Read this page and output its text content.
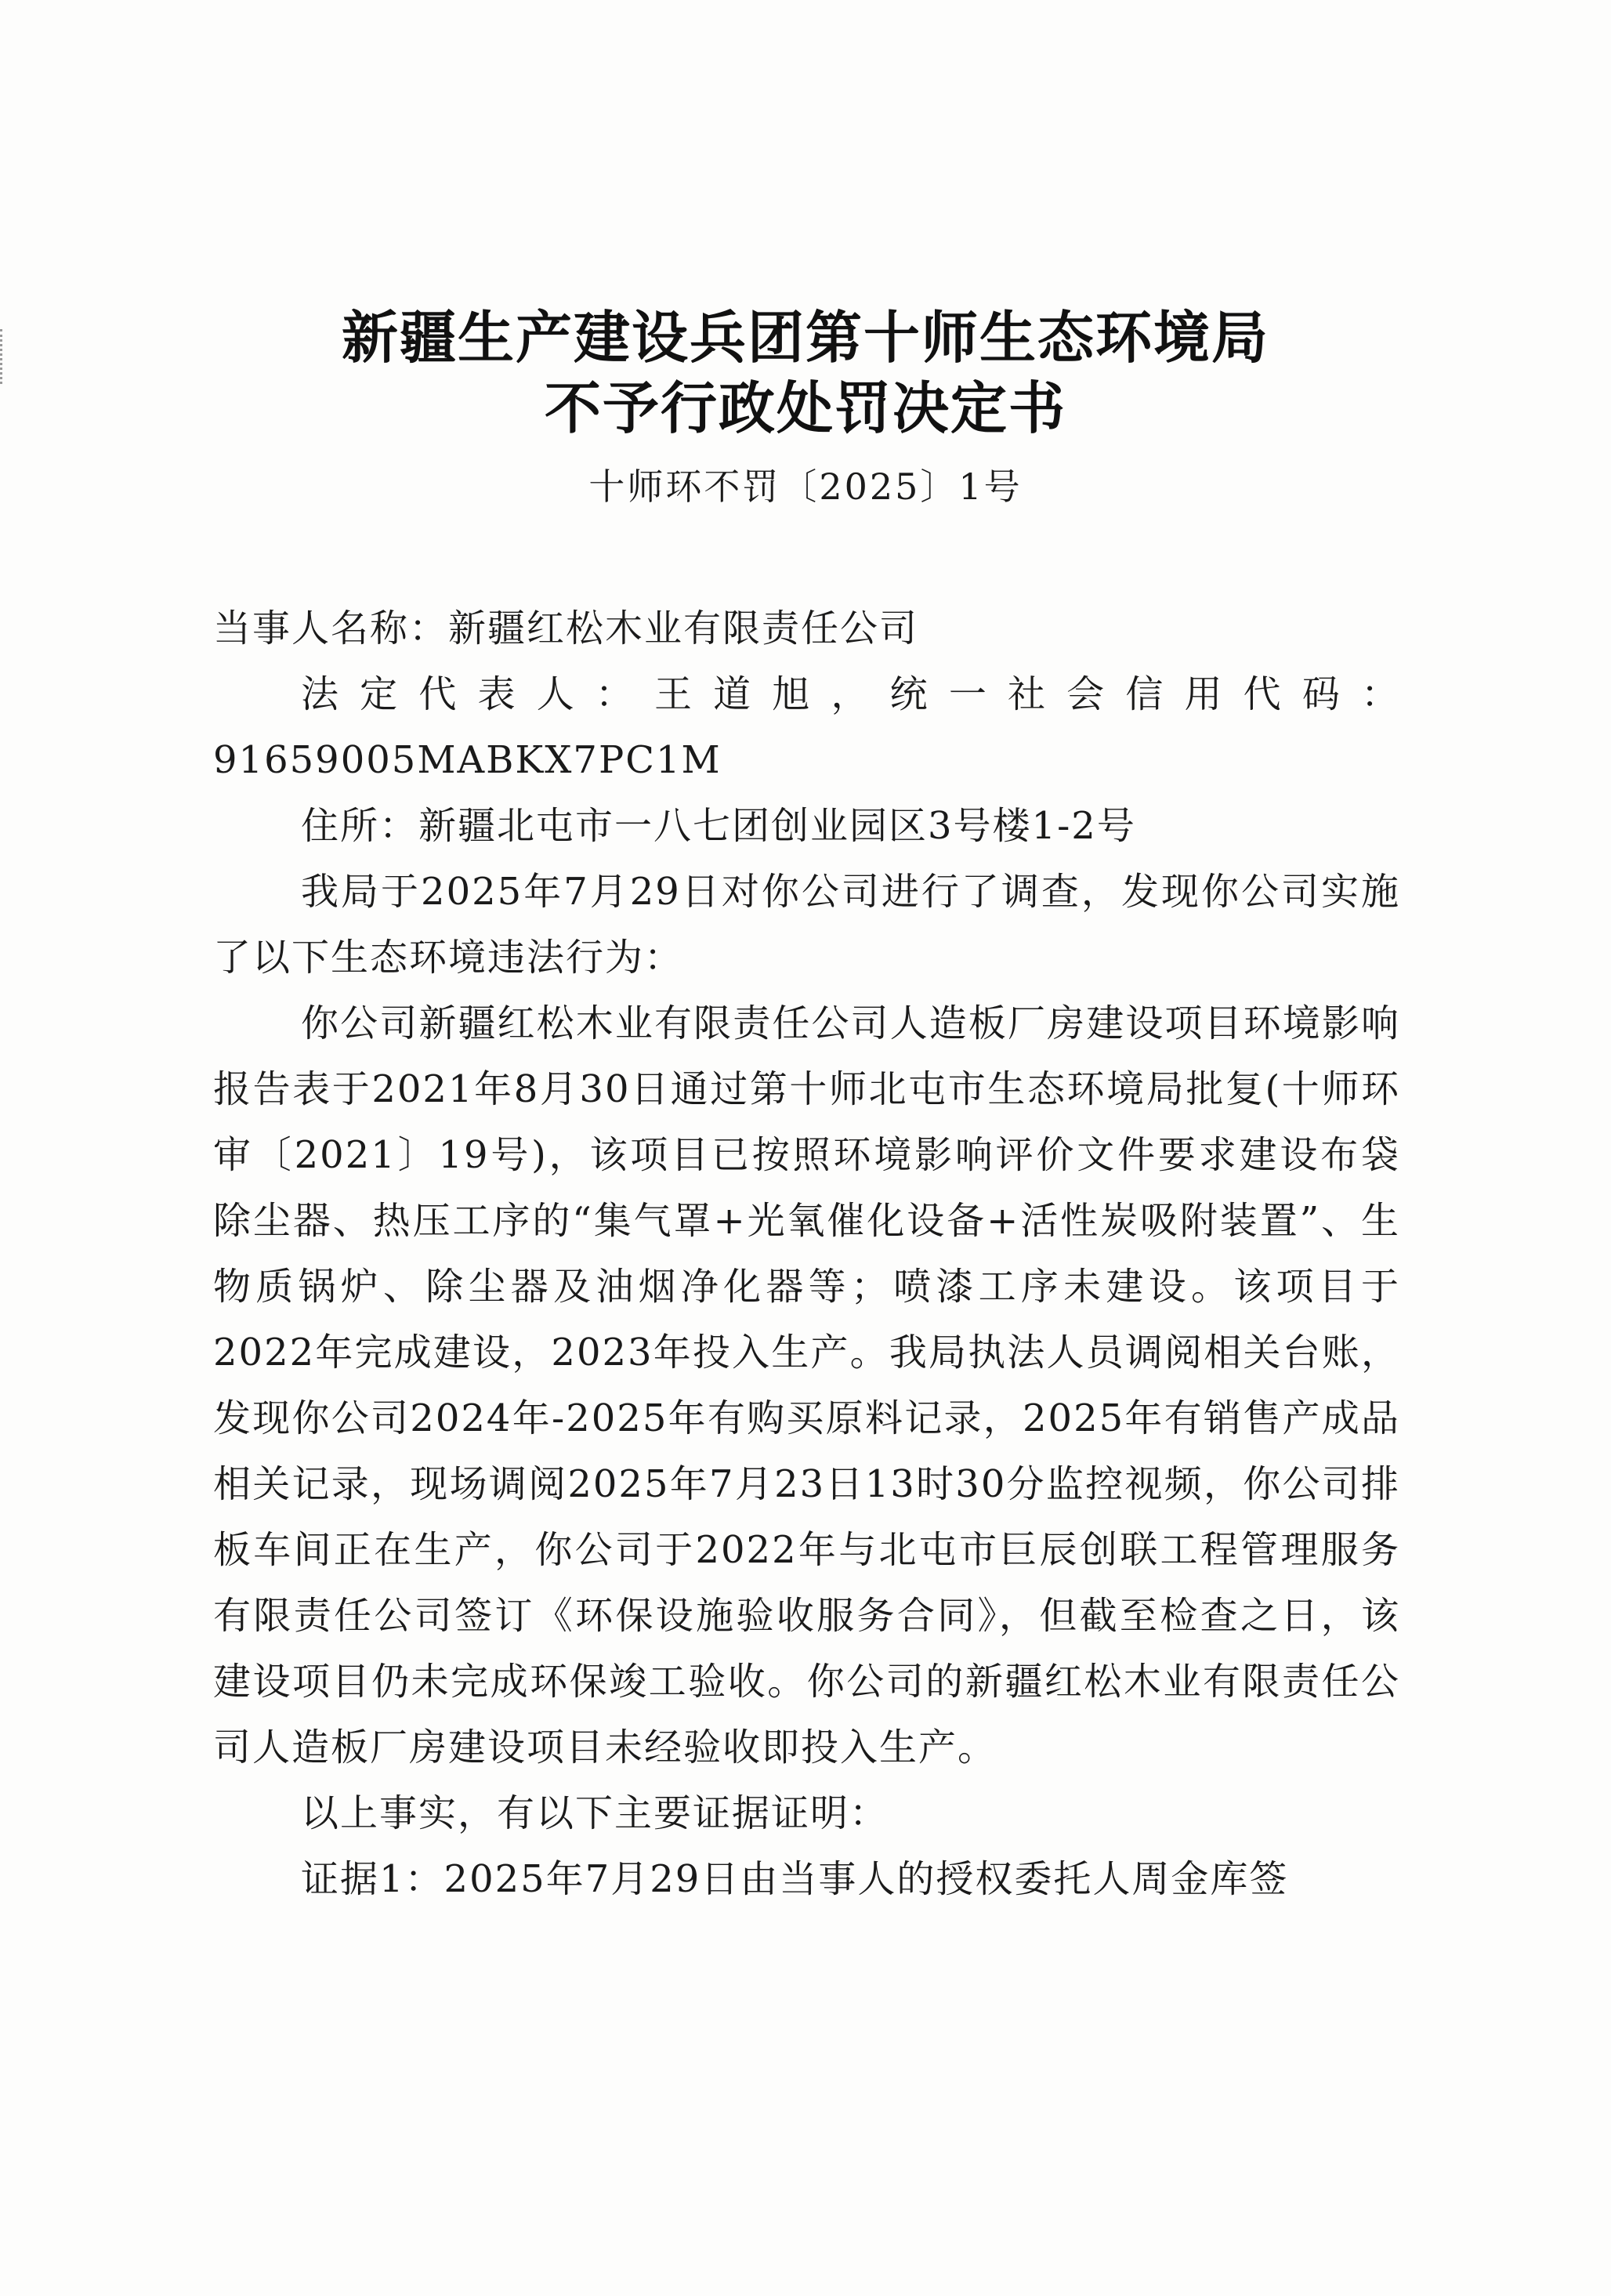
新疆生产建设兵团第十师生态环境局
不予行政处罚决定书
十师环不罚〔2025〕1号

当事人名称：新疆红松木业有限责任公司

法定代表人：王道旭，统一社会信用代码：91659005MABKX7PC1M

住所：新疆北屯市一八七团创业园区3号楼1-2号

我局于2025年7月29日对你公司进行了调查，发现你公司实施了以下生态环境违法行为：

你公司新疆红松木业有限责任公司人造板厂房建设项目环境影响报告表于2021年8月30日通过第十师北屯市生态环境局批复(十师环审〔2021〕19号)，该项目已按照环境影响评价文件要求建设布袋除尘器、热压工序的“集气罩+光氧催化设备+活性炭吸附装置”、生物质锅炉、除尘器及油烟净化器等；喷漆工序未建设。该项目于2022年完成建设，2023年投入生产。我局执法人员调阅相关台账，发现你公司2024年-2025年有购买原料记录，2025年有销售产成品相关记录，现场调阅2025年7月23日13时30分监控视频，你公司排板车间正在生产，你公司于2022年与北屯市巨辰创联工程管理服务有限责任公司签订《环保设施验收服务合同》，但截至检查之日，该建设项目仍未完成环保竣工验收。你公司的新疆红松木业有限责任公司人造板厂房建设项目未经验收即投入生产。

以上事实，有以下主要证据证明：

证据1：2025年7月29日由当事人的授权委托人周金库签
